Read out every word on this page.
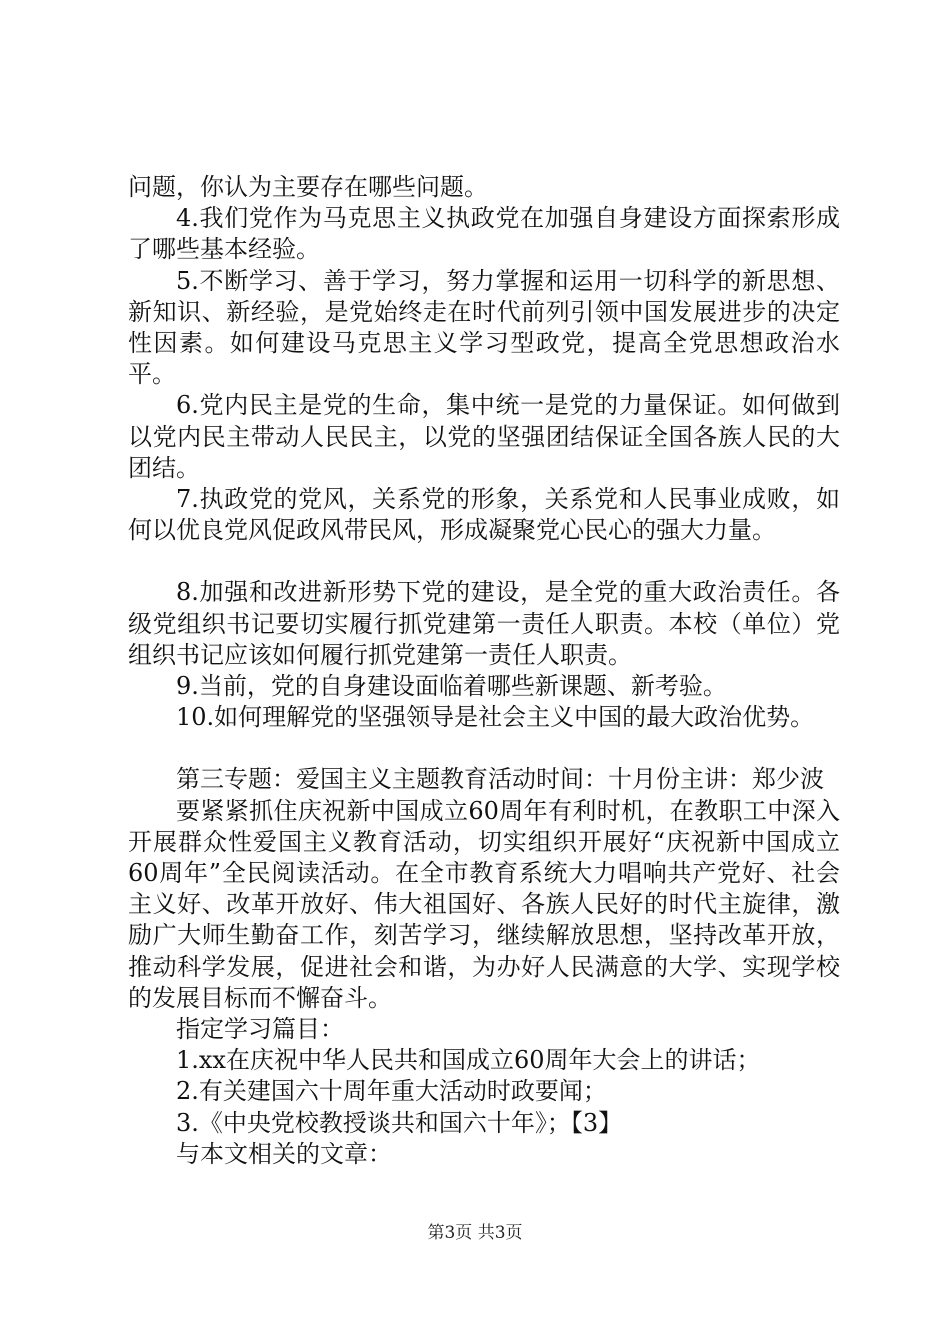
问题，你认为主要存在哪些问题。

4.我们党作为马克思主义执政党在加强自身建设方面探索形成了哪些基本经验。

5.不断学习、善于学习，努力掌握和运用一切科学的新思想、新知识、新经验，是党始终走在时代前列引领中国发展进步的决定性因素。如何建设马克思主义学习型政党，提高全党思想政治水平。

6.党内民主是党的生命，集中统一是党的力量保证。如何做到以党内民主带动人民民主，以党的坚强团结保证全国各族人民的大团结。

7.执政党的党风，关系党的形象，关系党和人民事业成败，如何以优良党风促政风带民风，形成凝聚党心民心的强大力量。

8.加强和改进新形势下党的建设，是全党的重大政治责任。各级党组织书记要切实履行抓党建第一责任人职责。本校（单位）党组织书记应该如何履行抓党建第一责任人职责。

9.当前，党的自身建设面临着哪些新课题、新考验。

10.如何理解党的坚强领导是社会主义中国的最大政治优势。

第三专题：爱国主义主题教育活动时间：十月份主讲：郑少波

要紧紧抓住庆祝新中国成立60周年有利时机，在教职工中深入开展群众性爱国主义教育活动，切实组织开展好“庆祝新中国成立60周年”全民阅读活动。在全市教育系统大力唱响共产党好、社会主义好、改革开放好、伟大祖国好、各族人民好的时代主旋律，激励广大师生勤奋工作，刻苦学习，继续解放思想，坚持改革开放，推动科学发展，促进社会和谐，为办好人民满意的大学、实现学校的发展目标而不懈奋斗。

指定学习篇目：

1.xx在庆祝中华人民共和国成立60周年大会上的讲话；

2.有关建国六十周年重大活动时政要闻；

3.《中央党校教授谈共和国六十年》；【3】

与本文相关的文章：

第3页 共3页
